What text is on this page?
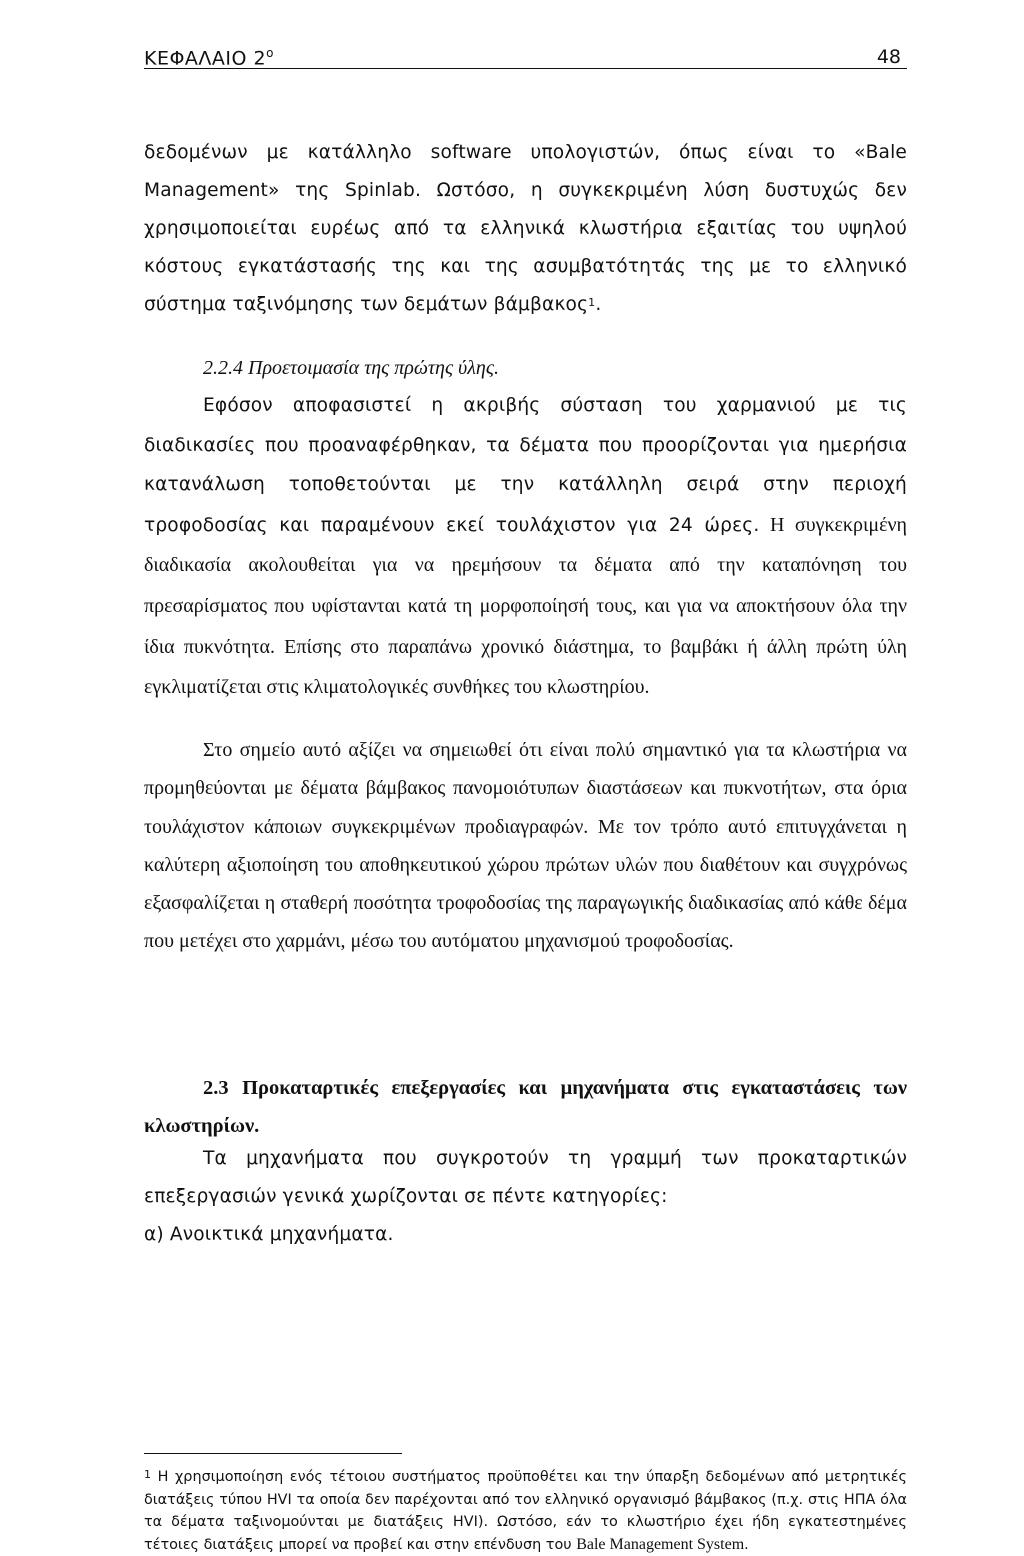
ΚΕΦΑΛΑΙΟ $2^o$	48

δεδομένων με κατάλληλο software υπολογιστών, όπως είναι το «Bale Management» της Spinlab. Ωστόσο, η συγκεκριμένη λύση δυστυχώς δεν χρησιμοποιείται ευρέως από τα ελληνικά κλωστήρια εξαιτίας του υψηλού κόστους εγκατάστασής της και της ασυμβατότητάς της με το ελληνικό σύστημα ταξινόμησης των δεμάτων βάμβακος$^1$.

2.2.4 Προετοιμασία της πρώτης ύλης.

Εφόσον αποφασιστεί η ακριβής σύσταση του χαρμανιού με τις διαδικασίες που προαναφέρθηκαν, τα δέματα που προορίζονται για ημερήσια κατανάλωση τοποθετούνται με την κατάλληλη σειρά στην περιοχή τροφοδοσίας και παραμένουν εκεί τουλάχιστον για 24 ώρες. Η συγκεκριμένη διαδικασία ακολουθείται για να ηρεμήσουν τα δέματα από την καταπόνηση του πρεσαρίσματος που υφίστανται κατά τη μορφοποίησή τους, και για να αποκτήσουν όλα την ίδια πυκνότητα. Επίσης στο παραπάνω χρονικό διάστημα, το βαμβάκι ή άλλη πρώτη ύλη εγκλιματίζεται στις κλιματολογικές συνθήκες του κλωστηρίου.

Στο σημείο αυτό αξίζει να σημειωθεί ότι είναι πολύ σημαντικό για τα κλωστήρια να προμηθεύονται με δέματα βάμβακος πανομοιότυπων διαστάσεων και πυκνοτήτων, στα όρια τουλάχιστον κάποιων συγκεκριμένων προδιαγραφών. Με τον τρόπο αυτό επιτυγχάνεται η καλύτερη αξιοποίηση του αποθηκευτικού χώρου πρώτων υλών που διαθέτουν και συγχρόνως εξασφαλίζεται η σταθερή ποσότητα τροφοδοσίας της παραγωγικής διαδικασίας από κάθε δέμα που μετέχει στο χαρμάνι, μέσω του αυτόματου μηχανισμού τροφοδοσίας.

2.3 Προκαταρτικές επεξεργασίες και μηχανήματα στις εγκαταστάσεις των κλωστηρίων.

Τα μηχανήματα που συγκροτούν τη γραμμή των προκαταρτικών επεξεργασιών γενικά χωρίζονται σε πέντε κατηγορίες:

α) Ανοικτικά μηχανήματα.

$^1$ Η χρησιμοποίηση ενός τέτοιου συστήματος προϋποθέτει και την ύπαρξη δεδομένων από μετρητικές διατάξεις τύπου HVI τα οποία δεν παρέχονται από τον ελληνικό οργανισμό βάμβακος (π.χ. στις ΗΠΑ όλα τα δέματα ταξινομούνται με διατάξεις HVI). Ωστόσο, εάν το κλωστήριο έχει ήδη εγκατεστημένες τέτοιες διατάξεις μπορεί να προβεί και στην επένδυση του Bale Management System.
